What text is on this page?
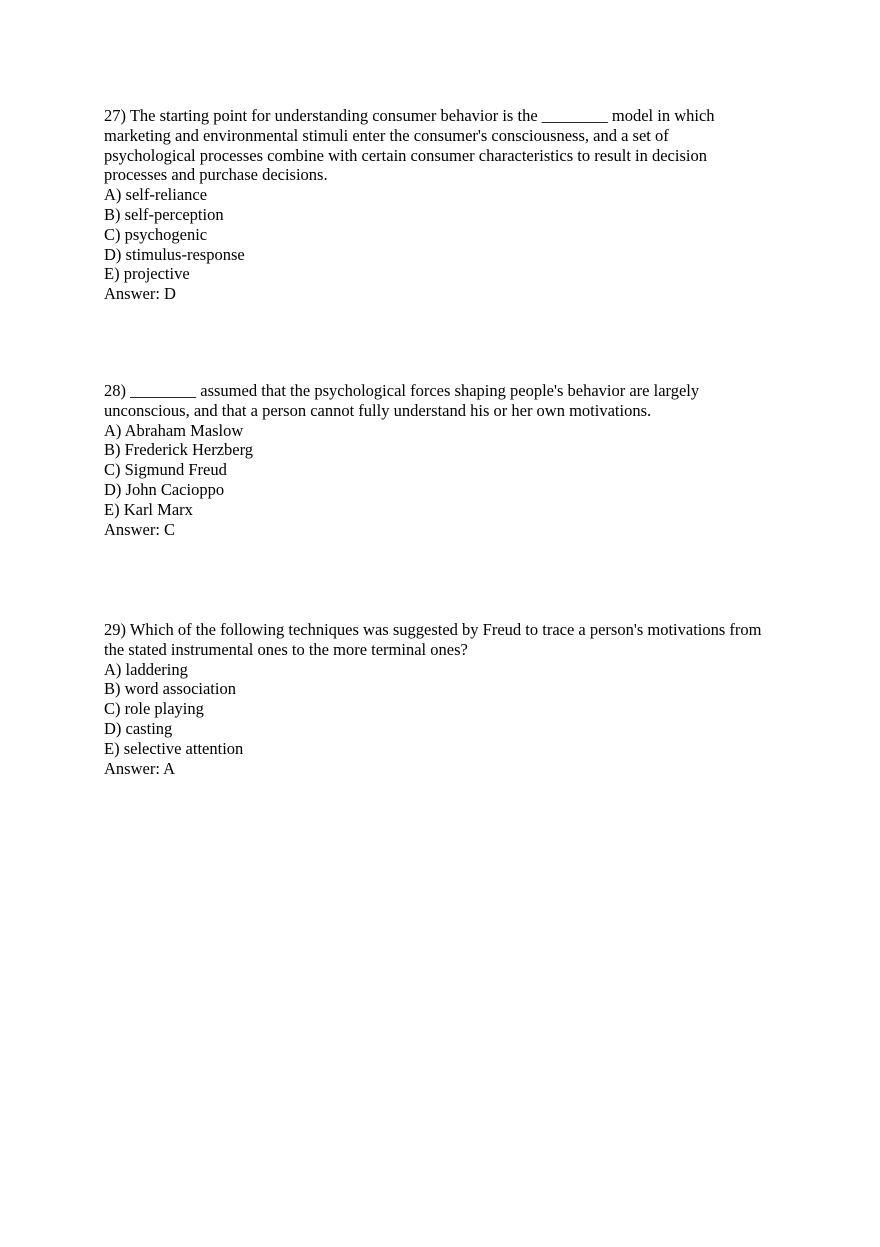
27) The starting point for understanding consumer behavior is the ________ model in which marketing and environmental stimuli enter the consumer's consciousness, and a set of psychological processes combine with certain consumer characteristics to result in decision processes and purchase decisions.

A) self-reliance
B) self-perception
C) psychogenic
D) stimulus-response
E) projective

Answer: D

28) ________ assumed that the psychological forces shaping people's behavior are largely unconscious, and that a person cannot fully understand his or her own motivations.

A) Abraham Maslow
B) Frederick Herzberg
C) Sigmund Freud
D) John Cacioppo
E) Karl Marx

Answer: C

29) Which of the following techniques was suggested by Freud to trace a person's motivations from the stated instrumental ones to the more terminal ones?

A) laddering
B) word association
C) role playing
D) casting
E) selective attention

Answer: A
